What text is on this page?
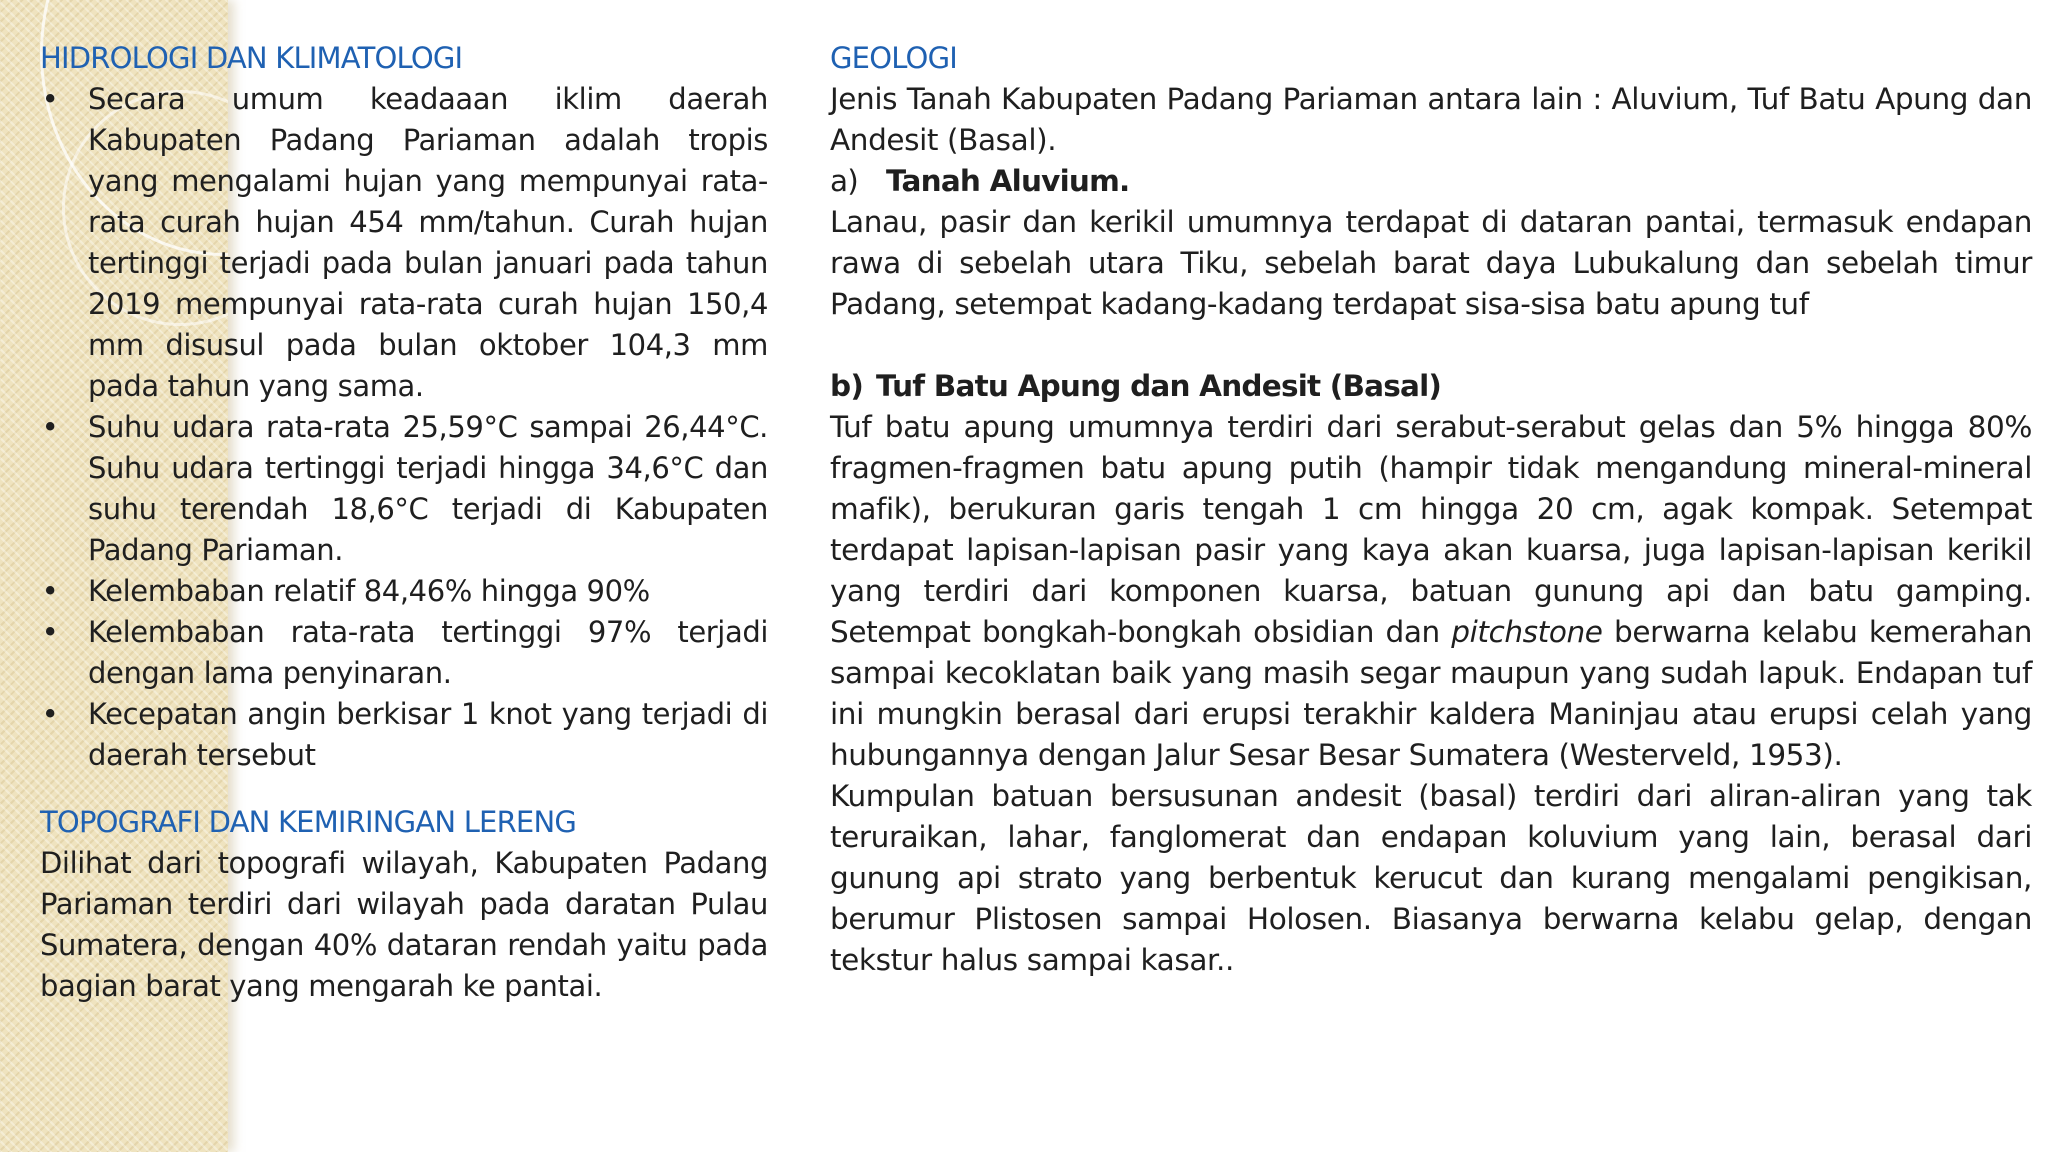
HIDROLOGI DAN KLIMATOLOGI
• Secara umum keadaaan iklim daerah Kabupaten Padang Pariaman adalah tropis yang mengalami hujan yang mempunyai rata-rata curah hujan 454 mm/tahun. Curah hujan tertinggi terjadi pada bulan januari pada tahun 2019 mempunyai rata-rata curah hujan 150,4 mm disusul pada bulan oktober 104,3 mm pada tahun yang sama.
• Suhu udara rata-rata 25,59°C sampai 26,44°C. Suhu udara tertinggi terjadi hingga 34,6°C dan suhu terendah 18,6°C terjadi di Kabupaten Padang Pariaman.
• Kelembaban relatif 84,46% hingga 90%
• Kelembaban rata-rata tertinggi 97% terjadi dengan lama penyinaran.
• Kecepatan angin berkisar 1 knot yang terjadi di daerah tersebut
TOPOGRAFI DAN KEMIRINGAN LERENG

Dilihat dari topografi wilayah, Kabupaten Padang Pariaman terdiri dari wilayah pada daratan Pulau Sumatera, dengan 40% dataran rendah yaitu pada bagian barat yang mengarah ke pantai.

GEOLOGI

Jenis Tanah Kabupaten Padang Pariaman antara lain : Aluvium, Tuf Batu Apung dan Andesit (Basal).

a) Tanah Aluvium.

Lanau, pasir dan kerikil umumnya terdapat di dataran pantai, termasuk endapan rawa di sebelah utara Tiku, sebelah barat daya Lubukalung dan sebelah timur Padang, setempat kadang-kadang terdapat sisa-sisa batu apung tuf

b) Tuf Batu Apung dan Andesit (Basal)

Tuf batu apung umumnya terdiri dari serabut-serabut gelas dan 5% hingga 80% fragmen-fragmen batu apung putih (hampir tidak mengandung mineral-mineral mafik), berukuran garis tengah 1 cm hingga 20 cm, agak kompak. Setempat terdapat lapisan-lapisan pasir yang kaya akan kuarsa, juga lapisan-lapisan kerikil yang terdiri dari komponen kuarsa, batuan gunung api dan batu gamping. Setempat bongkah-bongkah obsidian dan pitchstone berwarna kelabu kemerahan sampai kecoklatan baik yang masih segar maupun yang sudah lapuk. Endapan tuf ini mungkin berasal dari erupsi terakhir kaldera Maninjau atau erupsi celah yang hubungannya dengan Jalur Sesar Besar Sumatera (Westerveld, 1953).

Kumpulan batuan bersusunan andesit (basal) terdiri dari aliran-aliran yang tak teruraikan, lahar, fanglomerat dan endapan koluvium yang lain, berasal dari gunung api strato yang berbentuk kerucut dan kurang mengalami pengikisan, berumur Plistosen sampai Holosen. Biasanya berwarna kelabu gelap, dengan tekstur halus sampai kasar..
